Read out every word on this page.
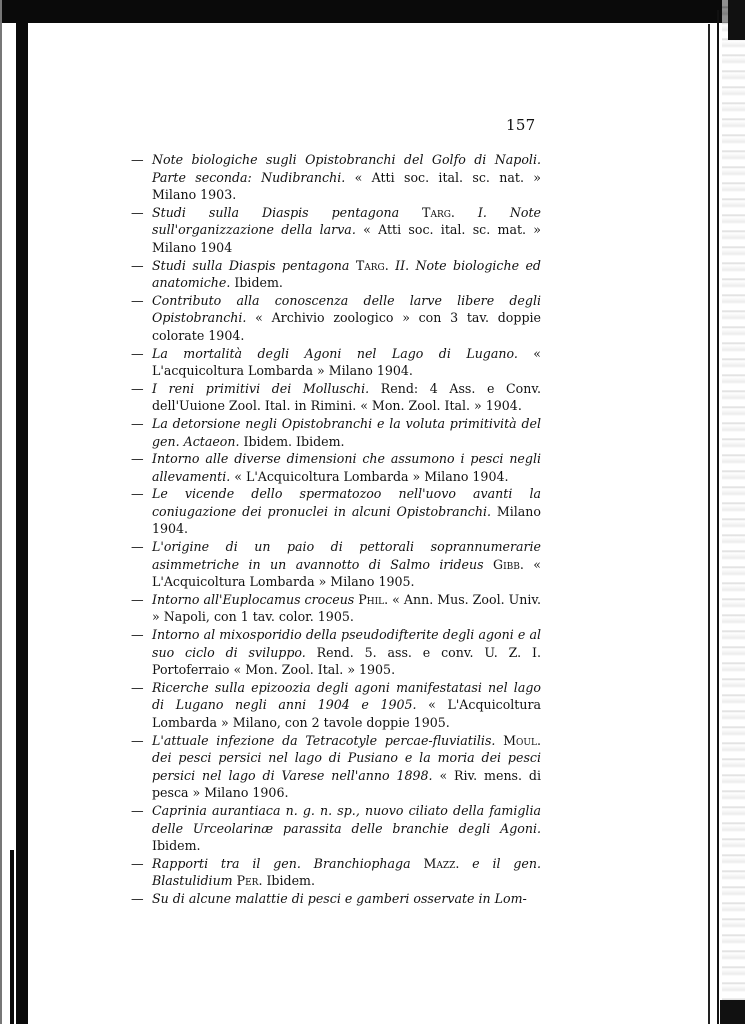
157
— Note biologiche sugli Opistobranchi del Golfo di Napoli. Parte seconda: Nudibranchi. « Atti soc. ital. sc. nat. » Milano 1903.
— Studi sulla Diaspis pentagona Targ. I. Note sull'organizzazione della larva. « Atti soc. ital. sc. mat. » Milano 1904
— Studi sulla Diaspis pentagona Targ. II. Note biologiche ed anatomiche. Ibidem.
— Contributo alla conoscenza delle larve libere degli Opistobranchi. « Archivio zoologico » con 3 tav. doppie colorate 1904.
— La mortalità degli Agoni nel Lago di Lugano. « L'acquicoltura Lombarda » Milano 1904.
— I reni primitivi dei Molluschi. Rend: 4 Ass. e Conv. dell'Uuione Zool. Ital. in Rimini. « Mon. Zool. Ital. » 1904.
— La detorsione negli Opistobranchi e la voluta primitività del gen. Actaeon. Ibidem. Ibidem.
— Intorno alle diverse dimensioni che assumono i pesci negli allevamenti. « L'Acquicoltura Lombarda » Milano 1904.
— Le vicende dello spermatozoo nell'uovo avanti la coniugazione dei pronuclei in alcuni Opistobranchi. Milano 1904.
— L'origine di un paio di pettorali soprannumerarie asimmetriche in un avannotto di Salmo irideus Gibb. « L'Acquicoltura Lombarda » Milano 1905.
— Intorno all'Euplocamus croceus Phil. « Ann. Mus. Zool. Univ. » Napoli, con 1 tav. color. 1905.
— Intorno al mixosporidio della pseudodifterite degli agoni e al suo ciclo di sviluppo. Rend. 5. ass. e conv. U. Z. I. Portoferraio « Mon. Zool. Ital. » 1905.
— Ricerche sulla epizoozia degli agoni manifestatasi nel lago di Lugano negli anni 1904 e 1905. « L'Acquicoltura Lombarda » Milano, con 2 tavole doppie 1905.
— L'attuale infezione da Tetracotyle percae-fluviatilis. Moul. dei pesci persici nel lago di Pusiano e la moria dei pesci persici nel lago di Varese nell'anno 1898. « Riv. mens. di pesca » Milano 1906.
— Caprinia aurantiaca n. g. n. sp., nuovo ciliato della famiglia delle Urceolarinæ parassita delle branchie degli Agoni. Ibidem.
— Rapporti tra il gen. Branchiophaga Mazz. e il gen. Blastulidium Per. Ibidem.
— Su di alcune malattie di pesci e gamberi osservate in Lom-
